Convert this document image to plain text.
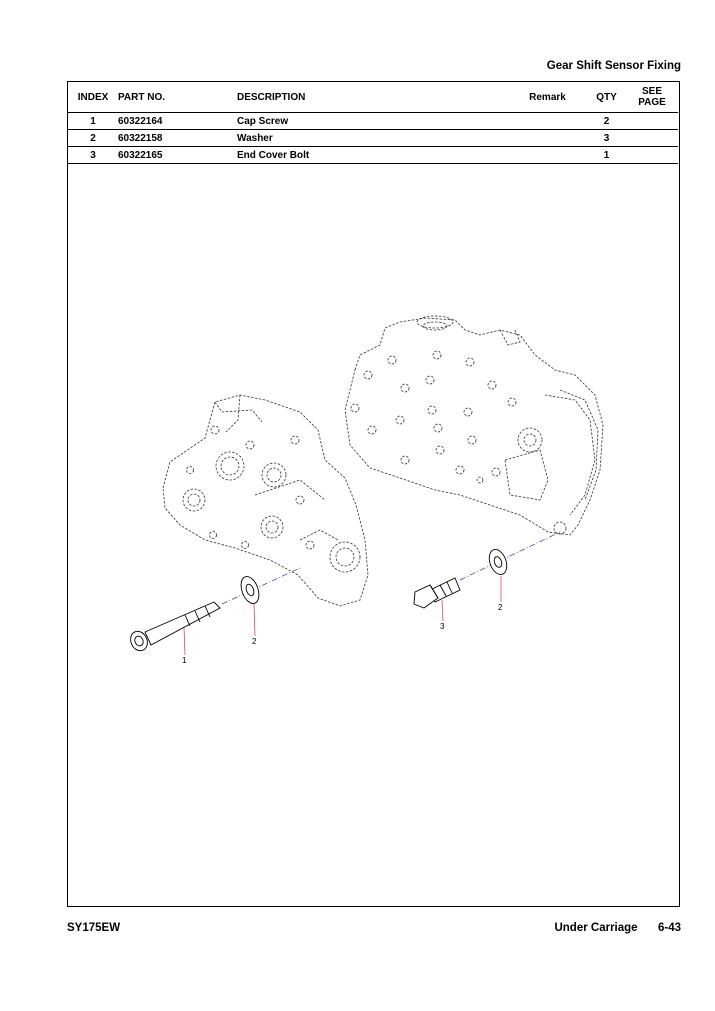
Gear Shift Sensor Fixing
INDEX	PART NO.	DESCRIPTION	Remark	QTY	SEE
PAGE

1	60322164	Cap Screw		2	
2	60322158	Washer		3	
3	60322165	End Cover Bolt		1	
1
2
3
2
SY175EW	Under Carriage 6-43
